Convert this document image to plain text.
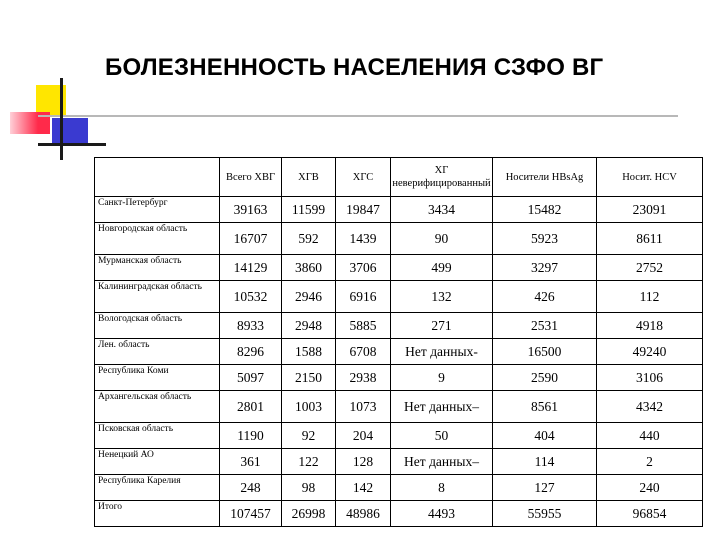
БОЛЕЗНЕННОСТЬ НАСЕЛЕНИЯ СЗФО ВГ
	Всего ХВГ	ХГВ	ХГС	ХГ неверифицированный	Носители HBsAg	Носит. HCV
Санкт-Петербург	39163	11599	19847	3434	15482	23091
Новгородская область	16707	592	1439	90	5923	8611
Мурманская область	14129	3860	3706	499	3297	2752
Калининградская область	10532	2946	6916	132	426	112
Вологодская область	8933	2948	5885	271	2531	4918
Лен. область	8296	1588	6708	Нет данных-	16500	49240
Республика Коми	5097	2150	2938	9	2590	3106
Архангельская область	2801	1003	1073	Нет данных–	8561	4342
Псковская область	1190	92	204	50	404	440
Ненецкий АО	361	122	128	Нет данных–	114	2
Республика Карелия	248	98	142	8	127	240
Итого	107457	26998	48986	4493	55955	96854
